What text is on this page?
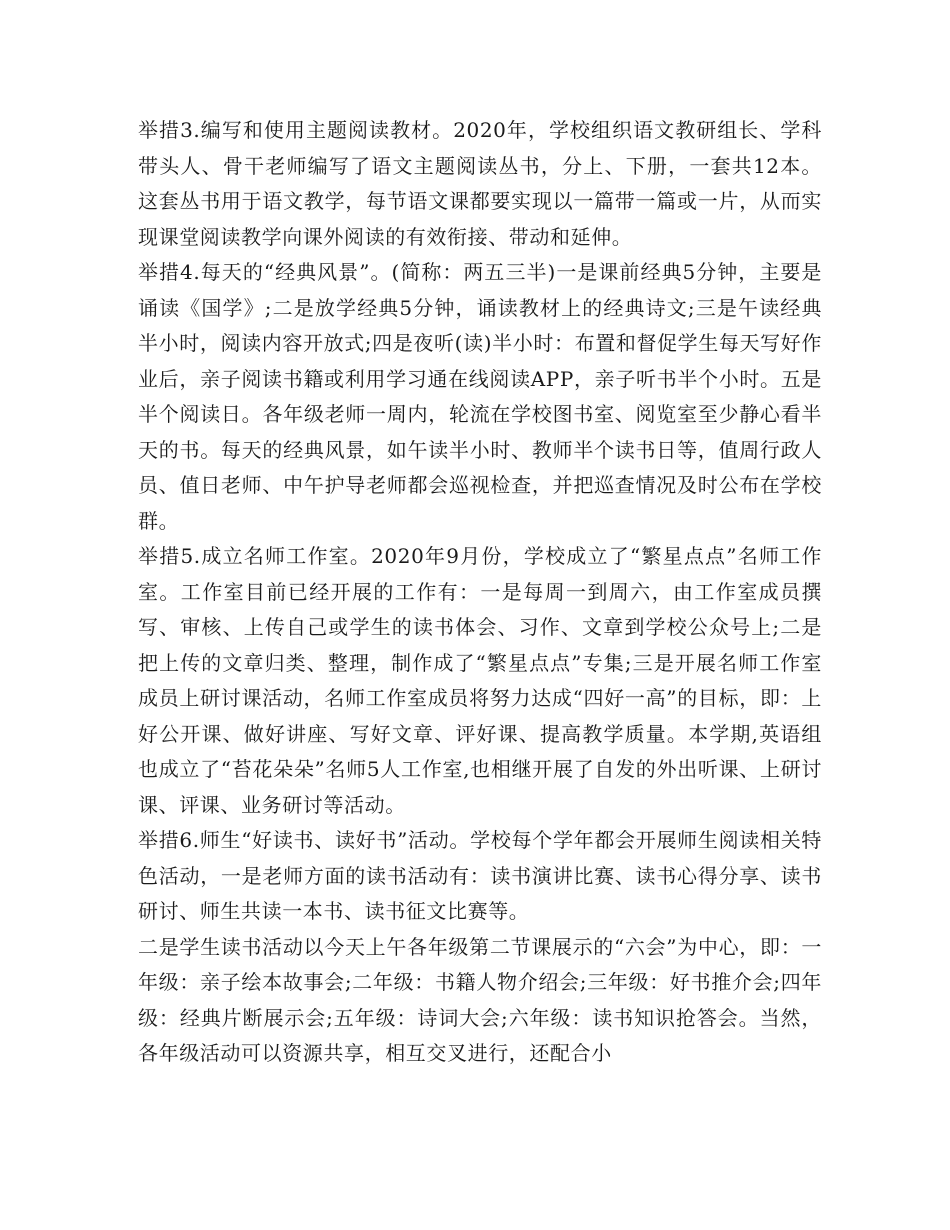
举措3.编写和使用主题阅读教材。2020年，学校组织语文教研组长、学科带头人、骨干老师编写了语文主题阅读丛书，分上、下册，一套共12本。这套丛书用于语文教学，每节语文课都要实现以一篇带一篇或一片，从而实现课堂阅读教学向课外阅读的有效衔接、带动和延伸。

举措4.每天的“经典风景”。(简称：两五三半)一是课前经典5分钟，主要是诵读《国学》;二是放学经典5分钟，诵读教材上的经典诗文;三是午读经典半小时，阅读内容开放式;四是夜听(读)半小时：布置和督促学生每天写好作业后，亲子阅读书籍或利用学习通在线阅读APP，亲子听书半个小时。五是半个阅读日。各年级老师一周内，轮流在学校图书室、阅览室至少静心看半天的书。每天的经典风景，如午读半小时、教师半个读书日等，值周行政人员、值日老师、中午护导老师都会巡视检查，并把巡查情况及时公布在学校群。

举措5.成立名师工作室。2020年9月份，学校成立了“繁星点点”名师工作室。工作室目前已经开展的工作有：一是每周一到周六，由工作室成员撰写、审核、上传自己或学生的读书体会、习作、文章到学校公众号上;二是把上传的文章归类、整理，制作成了“繁星点点”专集;三是开展名师工作室成员上研讨课活动，名师工作室成员将努力达成“四好一高”的目标，即：上好公开课、做好讲座、写好文章、评好课、提高教学质量。本学期,英语组也成立了“苔花朵朵”名师5人工作室,也相继开展了自发的外出听课、上研讨课、评课、业务研讨等活动。

举措6.师生“好读书、读好书”活动。学校每个学年都会开展师生阅读相关特色活动，一是老师方面的读书活动有：读书演讲比赛、读书心得分享、读书研讨、师生共读一本书、读书征文比赛等。

二是学生读书活动以今天上午各年级第二节课展示的“六会”为中心，即：一年级：亲子绘本故事会;二年级：书籍人物介绍会;三年级：好书推介会;四年级：经典片断展示会;五年级：诗词大会;六年级：读书知识抢答会。当然，各年级活动可以资源共享，相互交叉进行，还配合小
